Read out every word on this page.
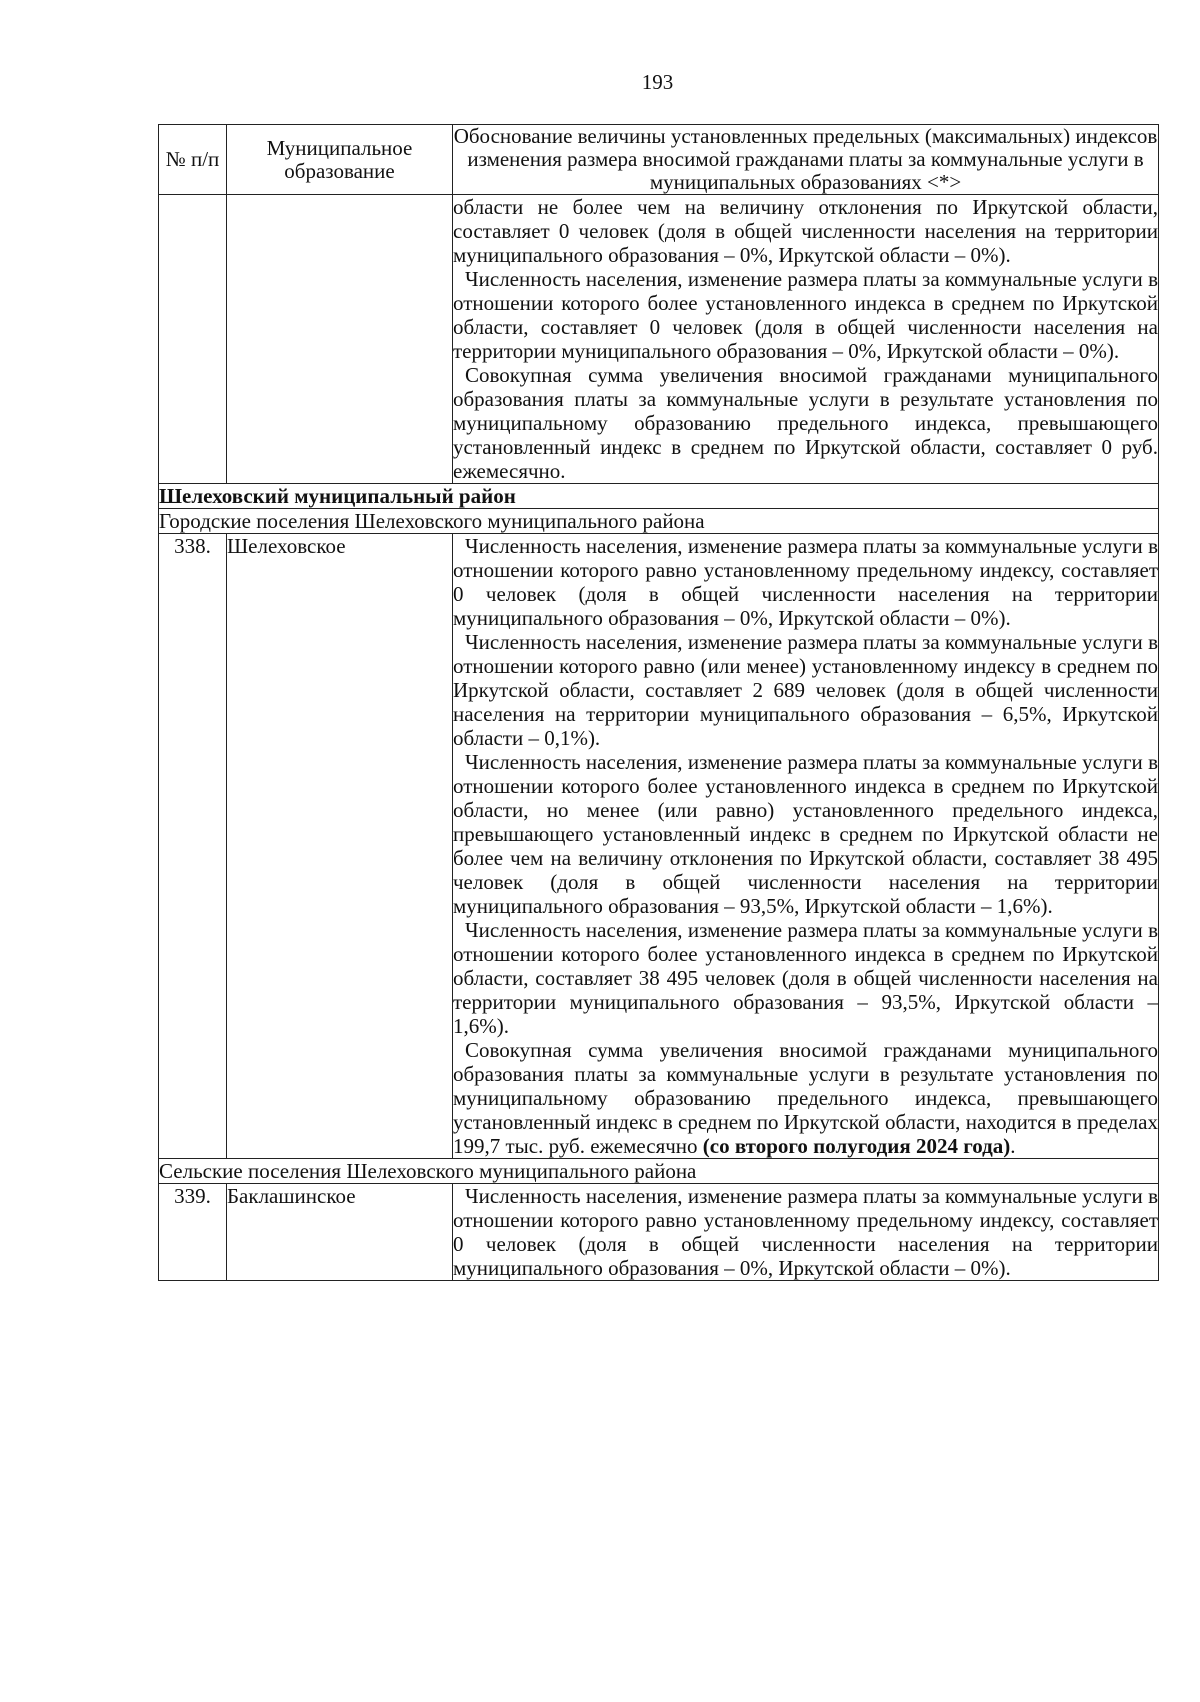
193
№ п/п	Муниципальное образование	Обоснование величины установленных предельных (максимальных) индексов изменения размера вносимой гражданами платы за коммунальные услуги в муниципальных образованиях <*>

		области не более чем на величину отклонения по Иркутской области, составляет 0 человек (доля в общей численности населения на территории муниципального образования – 0%, Иркутской области – 0%).

Численность населения, изменение размера платы за коммунальные услуги в отношении которого более установленного индекса в среднем по Иркутской области, составляет 0 человек (доля в общей численности населения на территории муниципального образования – 0%, Иркутской области – 0%).

Совокупная сумма увеличения вносимой гражданами муниципального образования платы за коммунальные услуги в результате установления по муниципальному образованию предельного индекса, превышающего установленный индекс в среднем по Иркутской области, составляет 0 руб. ежемесячно.

Шелеховский муниципальный район		
Городские поселения Шелеховского муниципального района		
338.	Шелеховское	Численность населения, изменение размера платы за коммунальные услуги в отношении которого равно установленному предельному индексу, составляет 0 человек (доля в общей численности населения на территории муниципального образования – 0%, Иркутской области – 0%).

Численность населения, изменение размера платы за коммунальные услуги в отношении которого равно (или менее) установленному индексу в среднем по Иркутской области, составляет 2 689 человек (доля в общей численности населения на территории муниципального образования – 6,5%, Иркутской области – 0,1%).

Численность населения, изменение размера платы за коммунальные услуги в отношении которого более установленного индекса в среднем по Иркутской области, но менее (или равно) установленного предельного индекса, превышающего установленный индекс в среднем по Иркутской области не более чем на величину отклонения по Иркутской области, составляет 38 495 человек (доля в общей численности населения на территории муниципального образования – 93,5%, Иркутской области – 1,6%).

Численность населения, изменение размера платы за коммунальные услуги в отношении которого более установленного индекса в среднем по Иркутской области, составляет 38 495 человек (доля в общей численности населения на территории муниципального образования – 93,5%, Иркутской области – 1,6%).

Совокупная сумма увеличения вносимой гражданами муниципального образования платы за коммунальные услуги в результате установления по муниципальному образованию предельного индекса, превышающего установленный индекс в среднем по Иркутской области, находится в пределах 199,7 тыс. руб. ежемесячно (со второго полугодия 2024 года).

Сельские поселения Шелеховского муниципального района		
339.	Баклашинское	Численность населения, изменение размера платы за коммунальные услуги в отношении которого равно установленному предельному индексу, составляет 0 человек (доля в общей численности населения на территории муниципального образования – 0%, Иркутской области – 0%).
